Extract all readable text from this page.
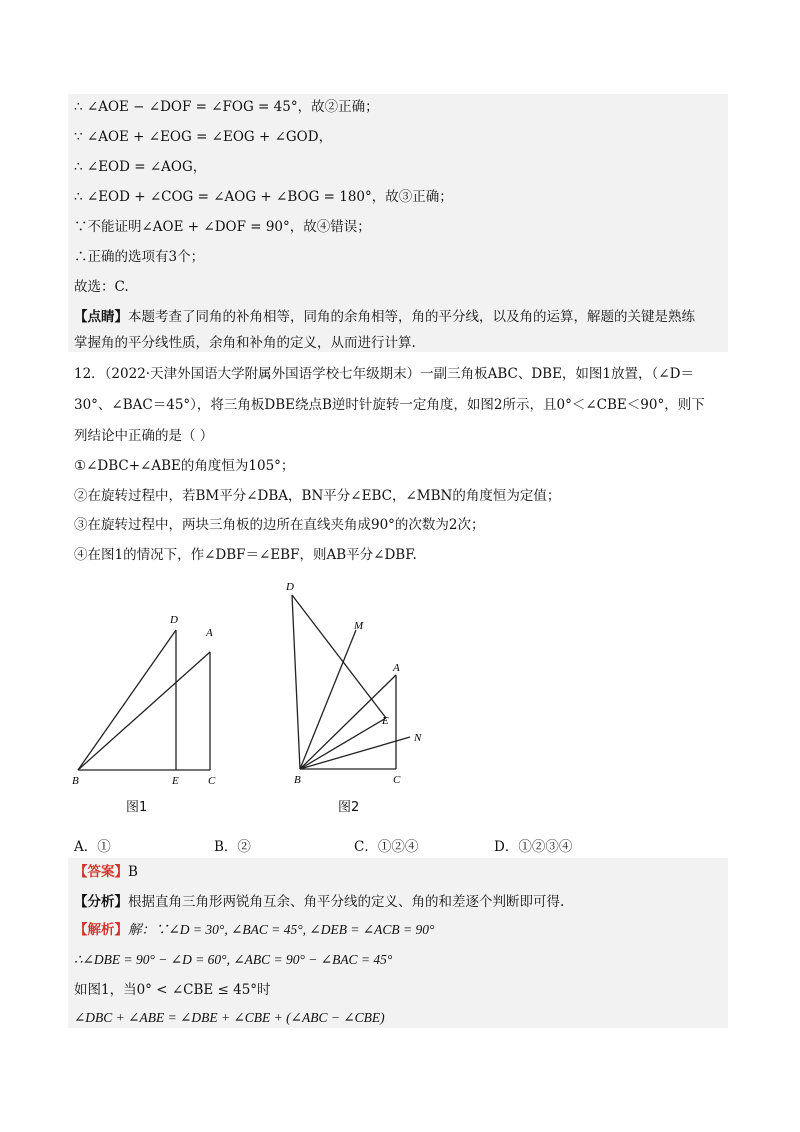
∴ ∠AOE − ∠DOF = ∠FOG = 45°，故②正确；
∵ ∠AOE + ∠EOG = ∠EOG + ∠GOD，
∴ ∠EOD = ∠AOG，
∴ ∠EOD + ∠COG = ∠AOG + ∠BOG = 180°，故③正确；
∵不能证明∠AOE + ∠DOF = 90°，故④错误；
∴正确的选项有3个；
故选：C.
【点睛】本题考查了同角的补角相等，同角的余角相等，角的平分线，以及角的运算，解题的关键是熟练
掌握角的平分线性质，余角和补角的定义，从而进行计算.
12．（2022·天津外国语大学附属外国语学校七年级期末）一副三角板ABC、DBE，如图1放置，（∠D＝
30°、∠BAC＝45°），将三角板DBE绕点B逆时针旋转一定角度，如图2所示，且0°＜∠CBE＜90°，则下
列结论中正确的是（ ）
①∠DBC+∠ABE的角度恒为105°；
②在旋转过程中，若BM平分∠DBA，BN平分∠EBC，∠MBN的角度恒为定值；
③在旋转过程中，两块三角板的边所在直线夹角成90°的次数为2次；
④在图1的情况下，作∠DBF＝∠EBF，则AB平分∠DBF.
B	E	C
D
A
图1
B	C
D
M
A
E
N
图2
A．①	B．②	C．①②④	D．①②③④
【答案】B
【分析】根据直角三角形两锐角互余、角平分线的定义、角的和差逐个判断即可得.
【解析】解：∵∠D = 30°, ∠BAC = 45°, ∠DEB = ∠ACB = 90°
∴∠DBE = 90° − ∠D = 60°, ∠ABC = 90° − ∠BAC = 45°
如图1，当0° < ∠CBE ≤ 45°时
∠DBC + ∠ABE = ∠DBE + ∠CBE + (∠ABC − ∠CBE)
